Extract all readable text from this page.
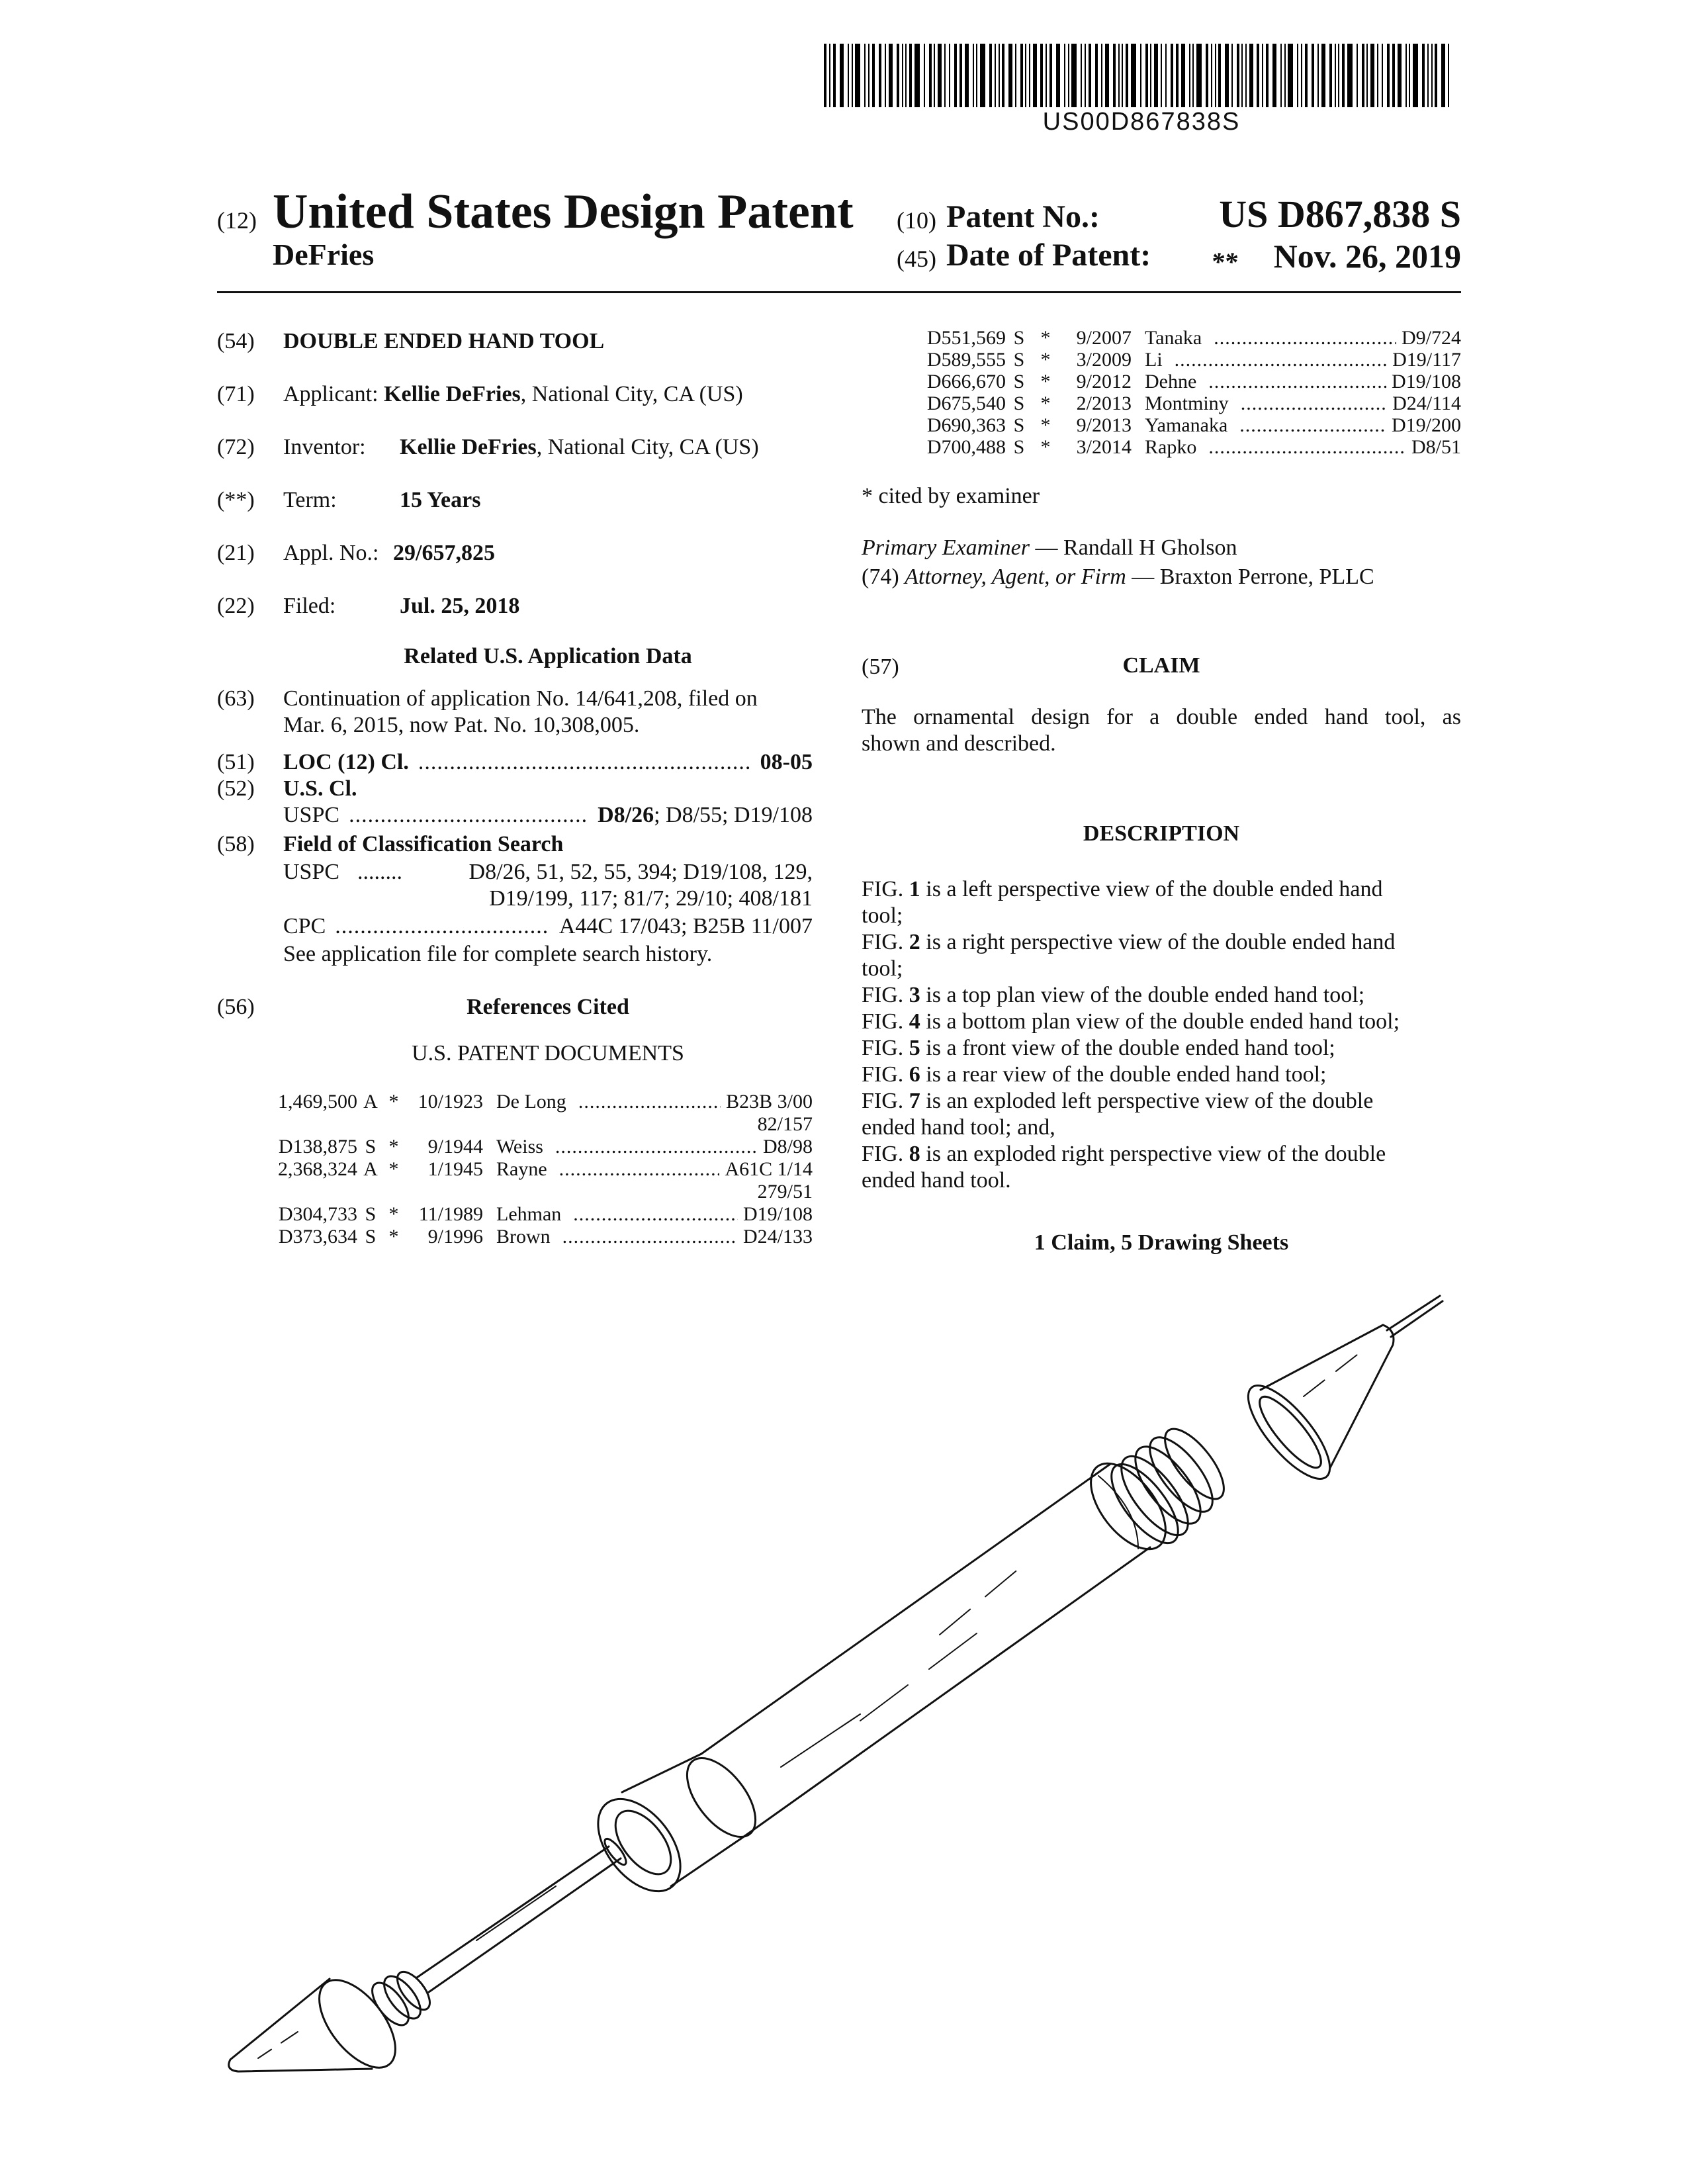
US00D867838S
(12) United States Design Patent
DeFries
(10) Patent No.:	US D867,838 S
(45) Date of Patent: **	Nov. 26, 2019
(54) DOUBLE ENDED HAND TOOL
(71) Applicant: Kellie DeFries, National City, CA (US)
(72) Inventor: Kellie DeFries, National City, CA (US)
(**) Term:	15 Years
(21) Appl. No.: 29/657,825
(22) Filed:	Jul. 25, 2018
Related U.S. Application Data
(63) Continuation of application No. 14/641,208, filed on
Mar. 6, 2015, now Pat. No. 10,308,005.
(51) LOC (12) Cl. .....	08-05
(52) U.S. Cl.
USPC .....	D8/26 ; D8/55; D19/108
(58) Field of Classification Search
USPC ........	D8/26, 51, 52, 55, 394; D19/108, 129,
D19/199, 117; 81/7; 29/10; 408/181
CPC .....	A44C 17/043; B25B 11/007
See application file for complete search history.
(56)	References Cited
U.S. PATENT DOCUMENTS
1,469,500 A * 10/1923 De Long .....	B23B 3/00
82/157
D138,875 S *	9/1944 Weiss .....	D8/98
2,368,324 A *	1/1945 Rayne .....	A61C 1/14
279/51
D304,733 S *	11/1989 Lehman .....	D19/108
D373,634 S *	9/1996 Brown .....	D24/133
D551,569 S *	9/2007 Tanaka .....	D9/724
D589,555 S *	3/2009 Li .....	D19/117
D666,670 S *	9/2012 Dehne .....	D19/108
D675,540 S *	2/2013 Montminy .....	D24/114
D690,363 S *	9/2013 Yamanaka .....	D19/200
D700,488 S *	3/2014 Rapko .....	D8/51
* cited by examiner
Primary Examiner — Randall H Gholson
(74) Attorney, Agent, or Firm — Braxton Perrone, PLLC
(57)	CLAIM
The ornamental design for a double ended hand tool, as
shown and described.
DESCRIPTION

FIG. 1 is a left perspective view of the double ended hand

tool;

FIG. 2 is a right perspective view of the double ended hand

tool;

FIG. 3 is a top plan view of the double ended hand tool;

FIG. 4 is a bottom plan view of the double ended hand tool;

FIG. 5 is a front view of the double ended hand tool;

FIG. 6 is a rear view of the double ended hand tool;

FIG. 7 is an exploded left perspective view of the double

ended hand tool; and,

FIG. 8 is an exploded right perspective view of the double

ended hand tool.

1 Claim, 5 Drawing Sheets
